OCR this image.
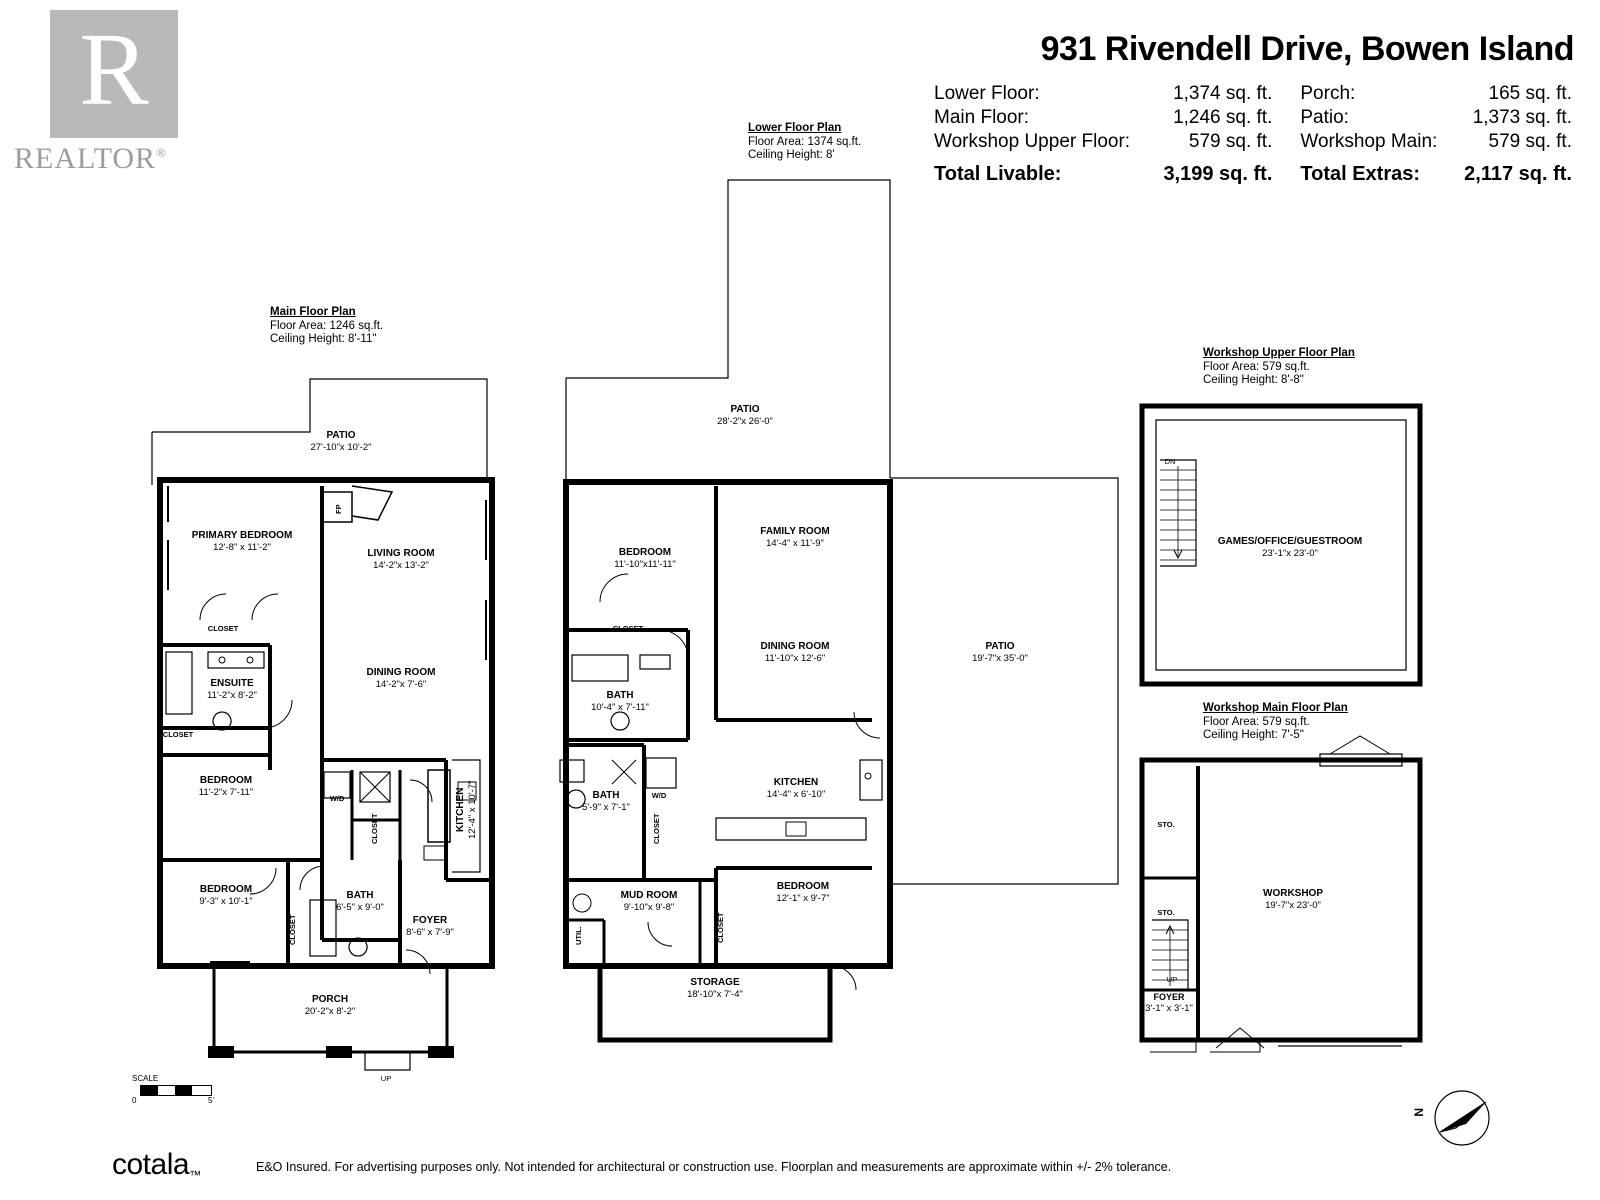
R
REALTOR®
931 Rivendell Drive, Bowen Island
Lower Floor:	1,374 sq. ft.		Porch:	165 sq. ft.
Main Floor:	1,246 sq. ft.		Patio:	1,373 sq. ft.
Workshop Upper Floor:	579 sq. ft.		Workshop Main:	579 sq. ft.
Total Livable:	3,199 sq. ft.		Total Extras:	2,117 sq. ft.
Lower Floor Plan
Floor Area: 1374 sq.ft.
Ceiling Height: 8'
Main Floor Plan
Floor Area: 1246 sq.ft.
Ceiling Height: 8'-11"
Workshop Upper Floor Plan
Floor Area: 579 sq.ft.
Ceiling Height: 8'-8"
Workshop Main Floor Plan
Floor Area: 579 sq.ft.
Ceiling Height: 7'-5"
PATIO
27'-10"x 10'-2"
PRIMARY BEDROOM
12'-8" x 11'-2"
LIVING ROOM
14'-2"x 13'-2"
CLOSET
ENSUITE
11'-2"x 8'-2"
CLOSET
DINING ROOM
14'-2"x 7'-6"
BEDROOM
11'-2"x 7'-11"
BEDROOM
9'-3" x 10'-1"
KITCHEN 12'-4" x 10'-7"
BATH
6'-5" x 9'-0"
FOYER
8'-6" x 7'-9"
PORCH
20'-2"x 8'-2"
CLOSET
CLOSET
W/D
FP
UP
PATIO
28'-2"x 26'-0"
BEDROOM
11'-10"x11'-11"
FAMILY ROOM
14'-4" x 11'-9"
CLOSET
BATH
10'-4" x 7'-11"
DINING ROOM
11'-10"x 12'-6"
PATIO
19'-7"x 35'-0"
BATH
5'-9" x 7'-1"
W/D
KITCHEN
14'-4" x 6'-10"
MUD ROOM
9'-10"x 9'-8"
BEDROOM
12'-1" x 9'-7"
STORAGE
18'-10"x 7'-4"
UTIL.
CLOSET
CLOSET
GAMES/OFFICE/GUESTROOM
23'-1"x 23'-0"
DN
WORKSHOP
19'-7"x 23'-0"
STO.
STO.
FOYER
3'-1" x 3'-1"
UP
SCALE
0	5'
N
cotala™
E&O Insured. For advertising purposes only. Not intended for architectural or construction use. Floorplan and measurements are approximate within +/- 2% tolerance.
